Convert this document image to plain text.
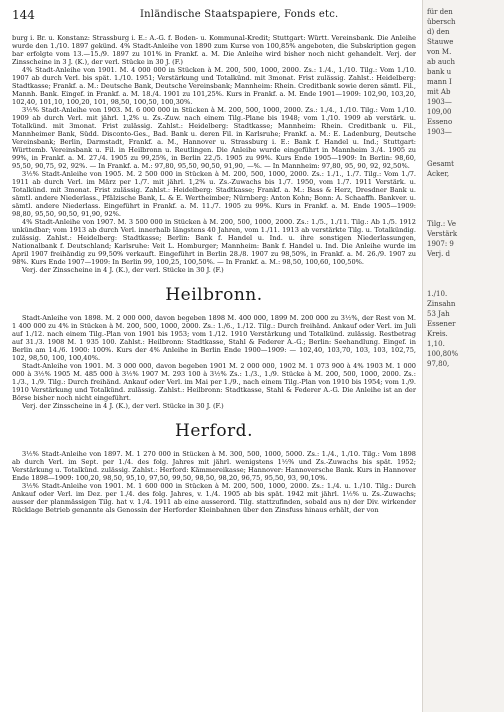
144	Inländische Staatspapiere, Fonds etc.

burg i. Br. u. Konstanz: Strassburg i. E.: A.-G. f. Boden- u. Kommunal-Kredit; Stuttgart: Württ. Vereinsbank. Die Anleihe wurde den 1./10. 1897 gekünd. 4% Stadt-Anleihe von 1890 zum Kurse von 100,85% angeboten, die Subskription gegen bar erfolgte vom 13.—15./9. 1897 zu 101% in Frankf. a. M. Die Anleihe wird bisher noch nicht gehandelt. Verj. der Zinsscheine in 3 J. (K.), der verl. Stücke in 30 J. (F.)

4% Stadt-Anleihe von 1901. M. 4 000 000 in Stücken à M. 200, 500, 1000, 2000. Zs.: 1./4., 1./10. Tilg.: Vom 1./10. 1907 ab durch Verl. bis spät. 1./10. 1951; Verstärkung und Totalkünd. mit 3monat. Frist zulässig. Zahlst.: Heidelberg: Stadtkasse; Frankf. a. M.: Deutsche Bank, Deutsche Vereinsbank; Mannheim: Rhein. Creditbank sowie deren sämtl. Fil., Mannh. Bank. Eingef. in Frankf. a. M. 18./4. 1901 zu 101,25%. Kurs in Frankf. a. M. Ende 1901—1909: 102,90, 103,20, 102,40, 101,10, 100,20, 101, 98,50, 100,50, 100,30%.

3½% Stadt-Anleihe von 1903. M. 6 000 000 in Stücken à M. 200, 500, 1000, 2000. Zs.: 1./4., 1./10. Tilg.: Vom 1./10. 1909 ab durch Verl. mit jährl. 1,2% u. Zs.-Zuw. nach einem Tilg.-Plane bis 1948; vom 1./10. 1909 ab verstärk. u. Totalkünd. mit 3monat. Frist zulässig. Zahlst.: Heidelberg: Stadtkasse; Mannheim: Rhein. Creditbank u. Fil., Mannheimer Bank, Südd. Disconto-Ges., Bad. Bank u. deren Fil. in Karlsruhe; Frankf. a. M.: E. Ladenburg, Deutsche Vereinsbank; Berlin, Darmstadt, Frankf. a. M., Hannover u. Strassburg i. E.: Bank f. Handel u. Ind.; Stuttgart: Württemb. Vereinsbank u. Fil. in Heilbronn u. Reutlingen. Die Anleihe wurde eingeführt in Mannheim 3./4. 1905 zu 99%, in Frankf. a. M. 27./4. 1905 zu 99,25%, in Berlin 22./5. 1905 zu 99%. Kurs Ende 1905—1909: In Berlin: 98,60, 95,50, 90,75, 92, 92%. — In Frankf. a. M.: 97,80, 95,50, 90,50, 91,90, —%. — In Mannheim: 97,80, 95, 90, 92, 92,50%.

3½% Stadt-Anleihe von 1905. M. 2 500 000 in Stücken à M. 200, 500, 1000, 2000. Zs.: 1./1., 1./7. Tilg.: Vom 1./7. 1911 ab durch Verl. im März per 1./7. mit jährl. 1,2% u. Zs.-Zuwachs bis 1./7. 1950, vom 1./7. 1911 Verstärk. u. Totalkünd. mit 3monat. Frist zulässig. Zahlst.: Heidelberg: Stadtkasse; Frankf. a. M.: Bass & Herz, Dresdner Bank u. sämtl. andere Niederlass., Pfälzische Bank, L. & E. Wertheimber; Nürnberg: Anton Kohn; Bonn: A. Schaaffh. Bankver. u. sämtl. andere Niederlass. Eingeführt in Frankf. a. M. 11./7. 1905 zu 99%. Kurs in Frankf. a. M. Ende 1905—1909: 98,80, 95,50, 90,50, 91,90, 92%.

4% Stadt-Anleihe von 1907. M. 3 500 000 in Stücken à M. 200, 500, 1000, 2000. Zs.: 1./5., 1./11. Tilg.: Ab 1./5. 1912 unkündbar; vom 1913 ab durch Verl. innerhalb längstens 40 Jahren, vom 1./11. 1913 ab verstärkte Tilg. u. Totalkündig. zulässig. Zahlst.: Heidelberg: Stadtkasse; Berlin: Bank f. Handel u. Ind. u. ihre sonstigen Niederlassungen, Nationalbank f. Deutschland; Karlsruhe: Veit L. Homburger; Mannheim: Bank f. Handel u. Ind. Die Anleihe wurde im April 1907 freihändig zu 99,50% verkauft. Eingeführt in Berlin 28./8. 1907 zu 98,50%, in Frankf. a. M. 26./9. 1907 zu 98%. Kurs Ende 1907—1909: In Berlin 99, 100,25, 100,50%. — In Frankf. a. M.: 98,50, 100,60, 100,50%.

Verj. der Zinsscheine in 4 J. (K.), der verl. Stücke in 30 J. (F.)

Heilbronn.

Stadt-Anleihe von 1898. M. 2 000 000, davon begeben 1898 M. 400 000, 1899 M. 200 000 zu 3½%, der Rest von M. 1 400 000 zu 4% in Stücken à M. 200, 500, 1000, 2000. Zs.: 1./6., 1./12. Tilg.: Durch freihänd. Ankauf oder Verl. im Juli auf 1./12. nach einem Tilg.-Plan von 1901 bis 1953; vom 1./12. 1910 Verstärkung und Totalkünd. zulässig. Restbetrag auf 31./3. 1908 M. 1 935 100. Zahlst.: Heilbronn: Stadtkasse, Stahl & Federer A.-G.; Berlin: Seehandlung. Eingef. in Berlin am 14./6. 1900: 100%. Kurs der 4% Anleihe in Berlin Ende 1900—1909: — 102,40, 103,70, 103, 103, 102,75, 102, 98,50, 100, 100,40%.

Stadt-Anleihe von 1901. M. 3 000 000, davon begeben 1901 M. 2 000 000, 1902 M. 1 073 900 à 4% 1903 M. 1 000 000 à 3½% 1905 M. 485 000 à 3½% 1907 M. 293 100 à 3½% Zs.: 1./3., 1./9. Stücke à M. 200, 500, 1000, 2000. Zs.: 1./3., 1./9. Tilg.: Durch freihänd. Ankauf oder Verl. im Mai per 1./9., nach einem Tilg.-Plan von 1910 bis 1954; vom 1./9. 1910 Verstärkung und Totalkünd. zulässig. Zahlst.: Heilbronn: Stadtkasse, Stahl & Federer A.-G. Die Anleihe ist an der Börse bisher noch nicht eingeführt.

Verj. der Zinsscheine in 4 J. (K.), der verl. Stücke in 30 J. (F.)

Herford.

3½% Stadt-Anleihe von 1897. M. 1 270 000 in Stücken à M. 300, 500, 1000, 5000. Zs.: 1./4., 1./10. Tilg.: Vom 1898 ab durch Verl. im Sept. per 1./4. des folg. Jahres mit jährl. wenigstens 1½% und Zs.-Zuwachs bis spät. 1952; Verstärkung u. Totalkünd. zulässig. Zahlst.: Herford: Kämmereikasse; Hannover: Hannoversche Bank. Kurs in Hannover Ende 1898—1909: 100,20, 98,50, 95,10, 97,50, 99,50, 98,50, 98,20, 96,75, 95,50, 93, 90,10%.

3½% Stadt-Anleihe von 1901. M. 1 600 000 in Stücken à M. 200, 500, 1000, 2000. Zs.: 1./4. u. 1./10. Tilg.: Durch Ankauf oder Verl. im Dez. per 1./4. des folg. Jahres, v. 1./4. 1905 ab bis spät. 1942 mit jährl. 1½% u. Zs.-Zuwachs; ausser der planmässigen Tilg. hat v. 1./4. 1911 ab eine ausserord. Tilg. stattzufinden, sobald aus n) der Div. wirkender Rücklage Betrieb genannte als Genossin der Herforder Kleinbahnen über den Zinsfuss hinaus erhält, der von

für den
übersch
d) den
Stauwe
von M.
ab auch
bank u
mann I
mit Ab
1903—
109,00
Esseno
1903—
Gesamt
Acker,
Tilg.: Ve
Verstärk
1907: 9
Verj. d
1./10.
Zinsahn
53 Jah
Essener
Kreis.
1,10.
100,80%
97,80,
